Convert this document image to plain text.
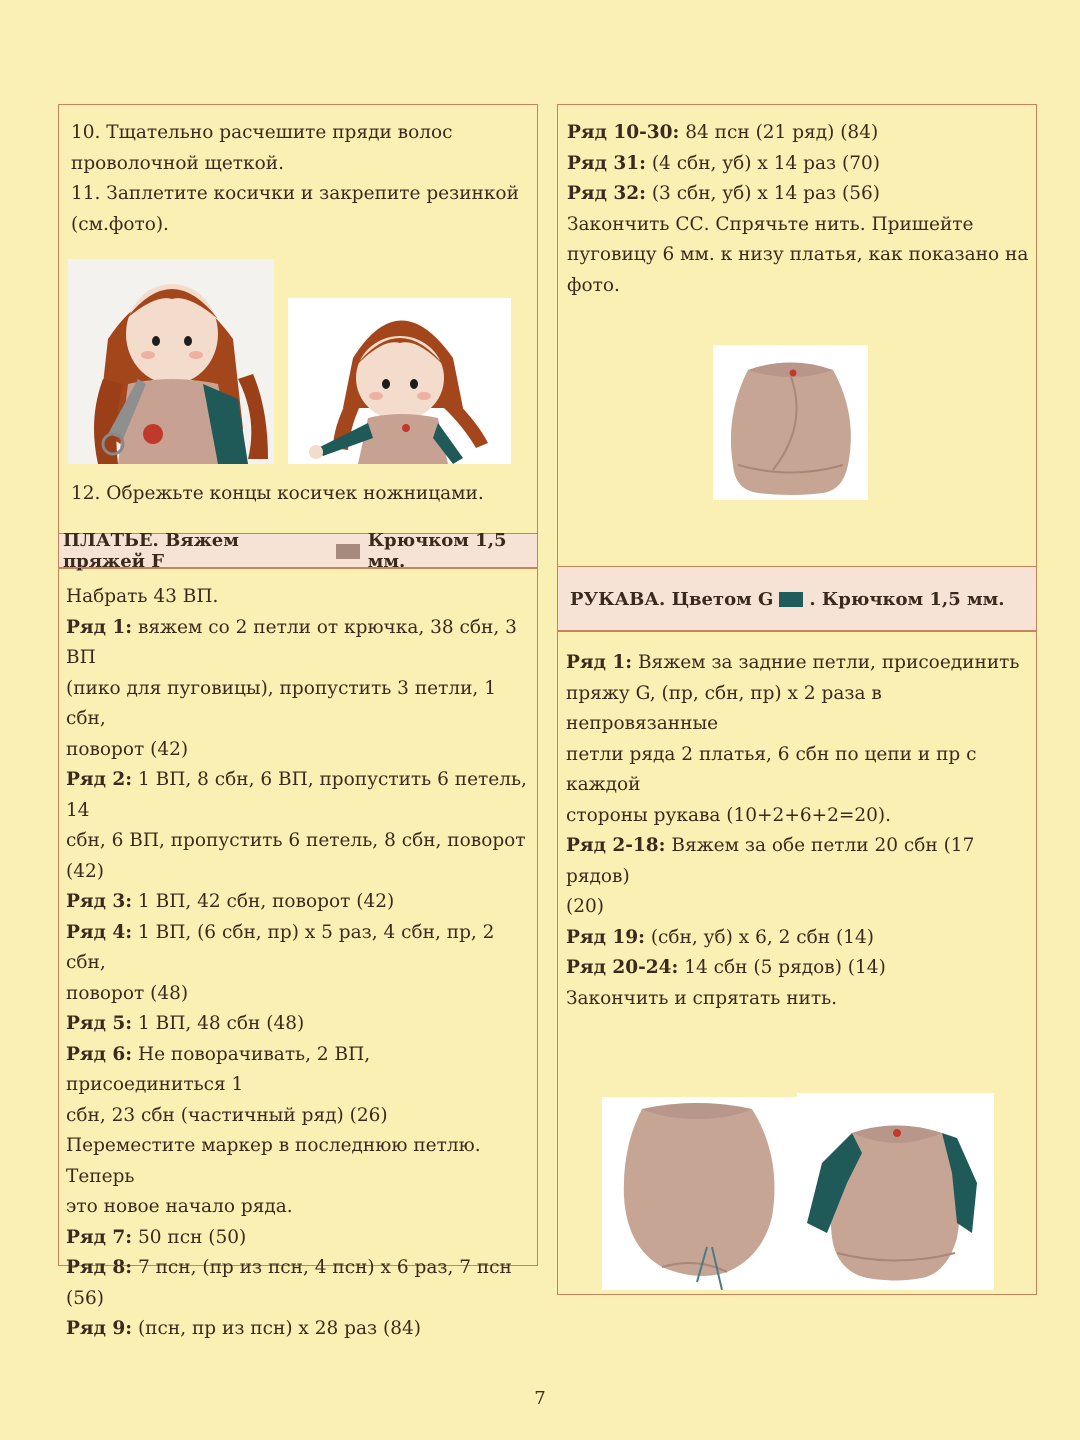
10. Тщательно расчешите пряди волос

проволочной щеткой.

11. Заплетите косички и закрепите резинкой

(см.фото).

12. Обрежьте концы косичек ножницами.

ПЛАТЬЕ. Вяжем пряжей F
Крючком 1,5 мм.

Набрать 43 ВП.

Ряд 1: вяжем со 2 петли от крючка, 38 сбн, 3 ВП

(пико для пуговицы), пропустить 3 петли, 1 сбн,

поворот (42)

Ряд 2: 1 ВП, 8 сбн, 6 ВП, пропустить 6 петель, 14

сбн, 6 ВП, пропустить 6 петель, 8 сбн, поворот

(42)

Ряд 3: 1 ВП, 42 сбн, поворот (42)

Ряд 4: 1 ВП, (6 сбн, пр) х 5 раз, 4 сбн, пр, 2 сбн,

поворот (48)

Ряд 5: 1 ВП, 48 сбн (48)

Ряд 6: Не поворачивать, 2 ВП, присоединиться 1

сбн, 23 сбн (частичный ряд) (26)

Переместите маркер в последнюю петлю. Теперь

это новое начало ряда.

Ряд 7: 50 псн (50)

Ряд 8: 7 псн, (пр из псн, 4 псн) х 6 раз, 7 псн (56)

Ряд 9: (псн, пр из псн) х 28 раз (84)

Ряд 10-30: 84 псн (21 ряд) (84)

Ряд 31: (4 сбн, уб) х 14 раз (70)

Ряд 32: (3 сбн, уб) х 14 раз (56)

Закончить СС. Спрячьте нить. Пришейте

пуговицу 6 мм. к низу платья, как показано на

фото.

РУКАВА. Цветом G . Крючком 1,5 мм.

Ряд 1: Вяжем за задние петли, присоединить

пряжу G, (пр, сбн, пр) х 2 раза в непровязанные

петли ряда 2 платья, 6 сбн по цепи и пр с каждой

стороны рукава (10+2+6+2=20).

Ряд 2-18: Вяжем за обе петли 20 сбн (17 рядов)

(20)

Ряд 19: (сбн, уб) х 6, 2 сбн (14)

Ряд 20-24: 14 сбн (5 рядов) (14)

Закончить и спрятать нить.

7
